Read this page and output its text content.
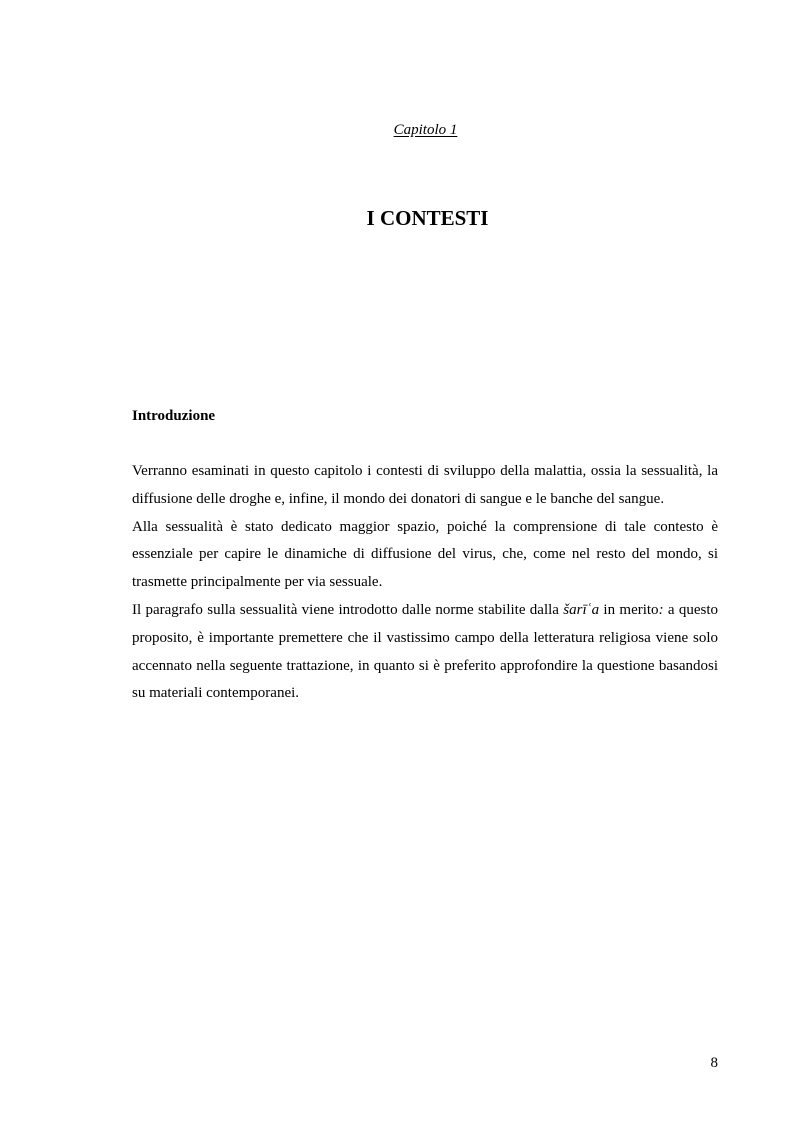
Capitolo 1
I CONTESTI
Introduzione

Verranno esaminati in questo capitolo i contesti di sviluppo della malattia, ossia la sessualità, la diffusione delle droghe e, infine, il mondo dei donatori di sangue e le banche del sangue.

Alla sessualità è stato dedicato maggior spazio, poiché la comprensione di tale contesto è essenziale per capire le dinamiche di diffusione del virus, che, come nel resto del mondo, si trasmette principalmente per via sessuale.

Il paragrafo sulla sessualità viene introdotto dalle norme stabilite dalla šarīʿa in merito: a questo proposito, è importante premettere che il vastissimo campo della letteratura religiosa viene solo accennato nella seguente trattazione, in quanto si è preferito approfondire la questione basandosi su materiali contemporanei.

8
